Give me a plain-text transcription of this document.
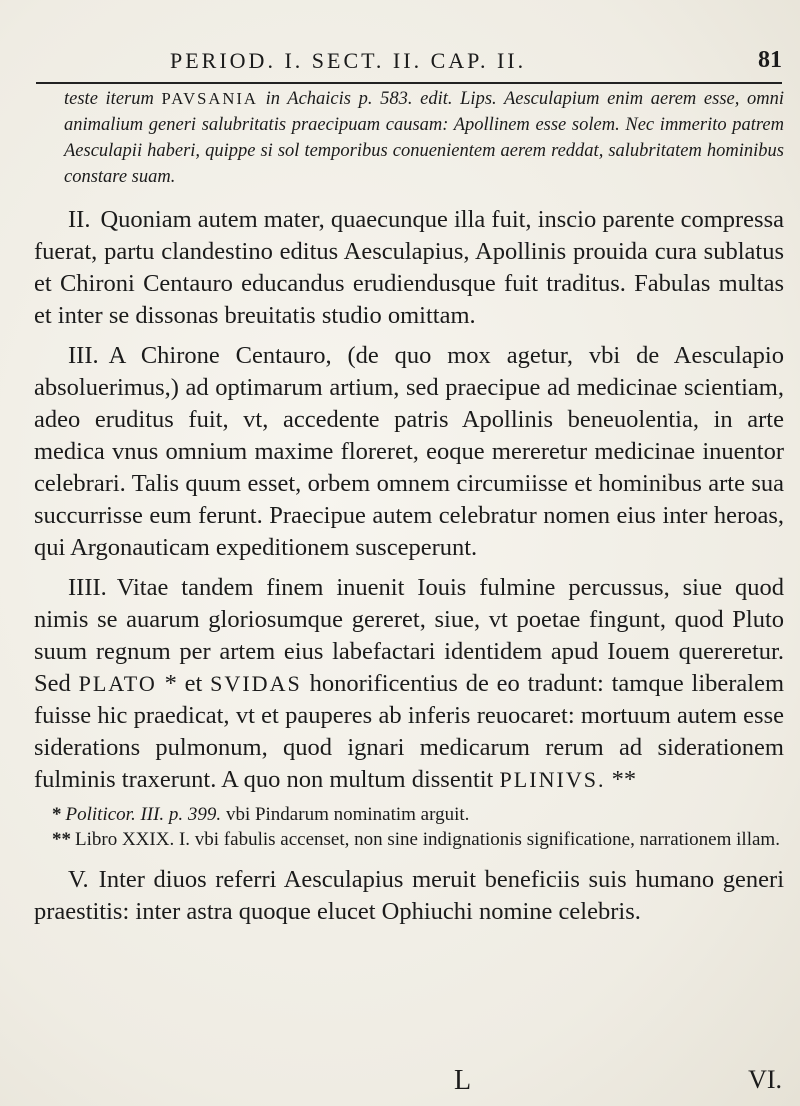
PERIOD. I. SECT. II. CAP. II.	81

teste iterum PAVSANIA in Achaicis p. 583. edit. Lips. Aesculapium enim aerem esse, omni animalium generi salubritatis praecipuam causam: Apollinem esse solem. Nec immerito patrem Aesculapii haberi, quippe si sol temporibus conuenientem aerem reddat, salubritatem hominibus constare suam.

II. Quoniam autem mater, quaecunque illa fuit, inscio parente compressa fuerat, partu clandestino editus Aesculapius, Apollinis prouida cura sublatus et Chironi Centauro educandus erudiendusque fuit traditus. Fabulas multas et inter se dissonas breuitatis studio omittam.

III. A Chirone Centauro, (de quo mox agetur, vbi de Aesculapio absoluerimus,) ad optimarum artium, sed praecipue ad medicinae scientiam, adeo eruditus fuit, vt, accedente patris Apollinis beneuolentia, in arte medica vnus omnium maxime floreret, eoque mereretur medicinae inuentor celebrari. Talis quum esset, orbem omnem circumiisse et hominibus arte sua succurrisse eum ferunt. Praecipue autem celebratur nomen eius inter heroas, qui Argonauticam expeditionem susceperunt.

IIII. Vitae tandem finem inuenit Iouis fulmine percussus, siue quod nimis se auarum gloriosumque gereret, siue, vt poetae fingunt, quod Pluto suum regnum per artem eius labefactari identidem apud Iouem quereretur. Sed PLATO * et SVIDAS honorificentius de eo tradunt: tamque liberalem fuisse hic praedicat, vt et pauperes ab inferis reuocaret: mortuum autem esse siderations pulmonum, quod ignari medicarum rerum ad siderationem fulminis traxerunt. A quo non multum dissentit PLINIVS. **

* Politicor. III. p. 399. vbi Pindarum nominatim arguit.
** Libro XXIX. I. vbi fabulis accenset, non sine indignationis significatione, narrationem illam.

V. Inter diuos referri Aesculapius meruit beneficiis suis humano generi praestitis: inter astra quoque elucet Ophiuchi nomine celebris.

L	VI.
